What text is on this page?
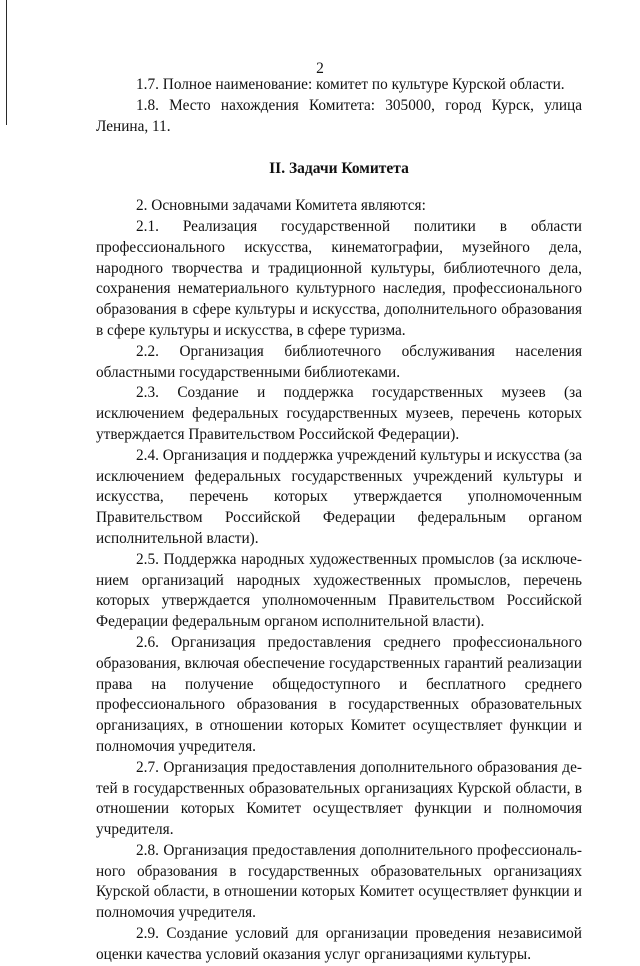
2

1.7. Полное наименование: комитет по культуре Курской области.

1.8. Место нахождения Комитета: 305000, город Курск, улица Ленина, 11.

II. Задачи Комитета

2. Основными задачами Комитета являются:

2.1. Реализация государственной политики в области профессионального искусства, кинематографии, музейного дела, народного творчества и традиционной культуры, библиотечного дела, сохранения нематериального культурного наследия, профессионального образования в сфере культуры и искусства, дополнительного образования в сфере культуры и искусства, в сфере туризма.

2.2. Организация библиотечного обслуживания населения областными государственными библиотеками.

2.3. Создание и поддержка государственных музеев (за исключением федеральных государственных музеев, перечень которых утверждается Правительством Российской Федерации).

2.4. Организация и поддержка учреждений культуры и искусства (за исключением федеральных государственных учреждений культуры и искусства, перечень которых утверждается уполномоченным Правительством Российской Федерации федеральным органом исполнительной власти).

2.5. Поддержка народных художественных промыслов (за исключением организаций народных художественных промыслов, перечень которых утверждается уполномоченным Правительством Российской Федерации федеральным органом исполнительной власти).

2.6. Организация предоставления среднего профессионального образования, включая обеспечение государственных гарантий реализации права на получение общедоступного и бесплатного среднего профессионального образования в государственных образовательных организациях, в отношении которых Комитет осуществляет функции и полномочия учредителя.

2.7. Организация предоставления дополнительного образования детей в государственных образовательных организациях Курской области, в отношении которых Комитет осуществляет функции и полномочия учредителя.

2.8. Организация предоставления дополнительного профессионального образования в государственных образовательных организациях Курской области, в отношении которых Комитет осуществляет функции и полномочия учредителя.

2.9. Создание условий для организации проведения независимой оценки качества условий оказания услуг организациями культуры.
